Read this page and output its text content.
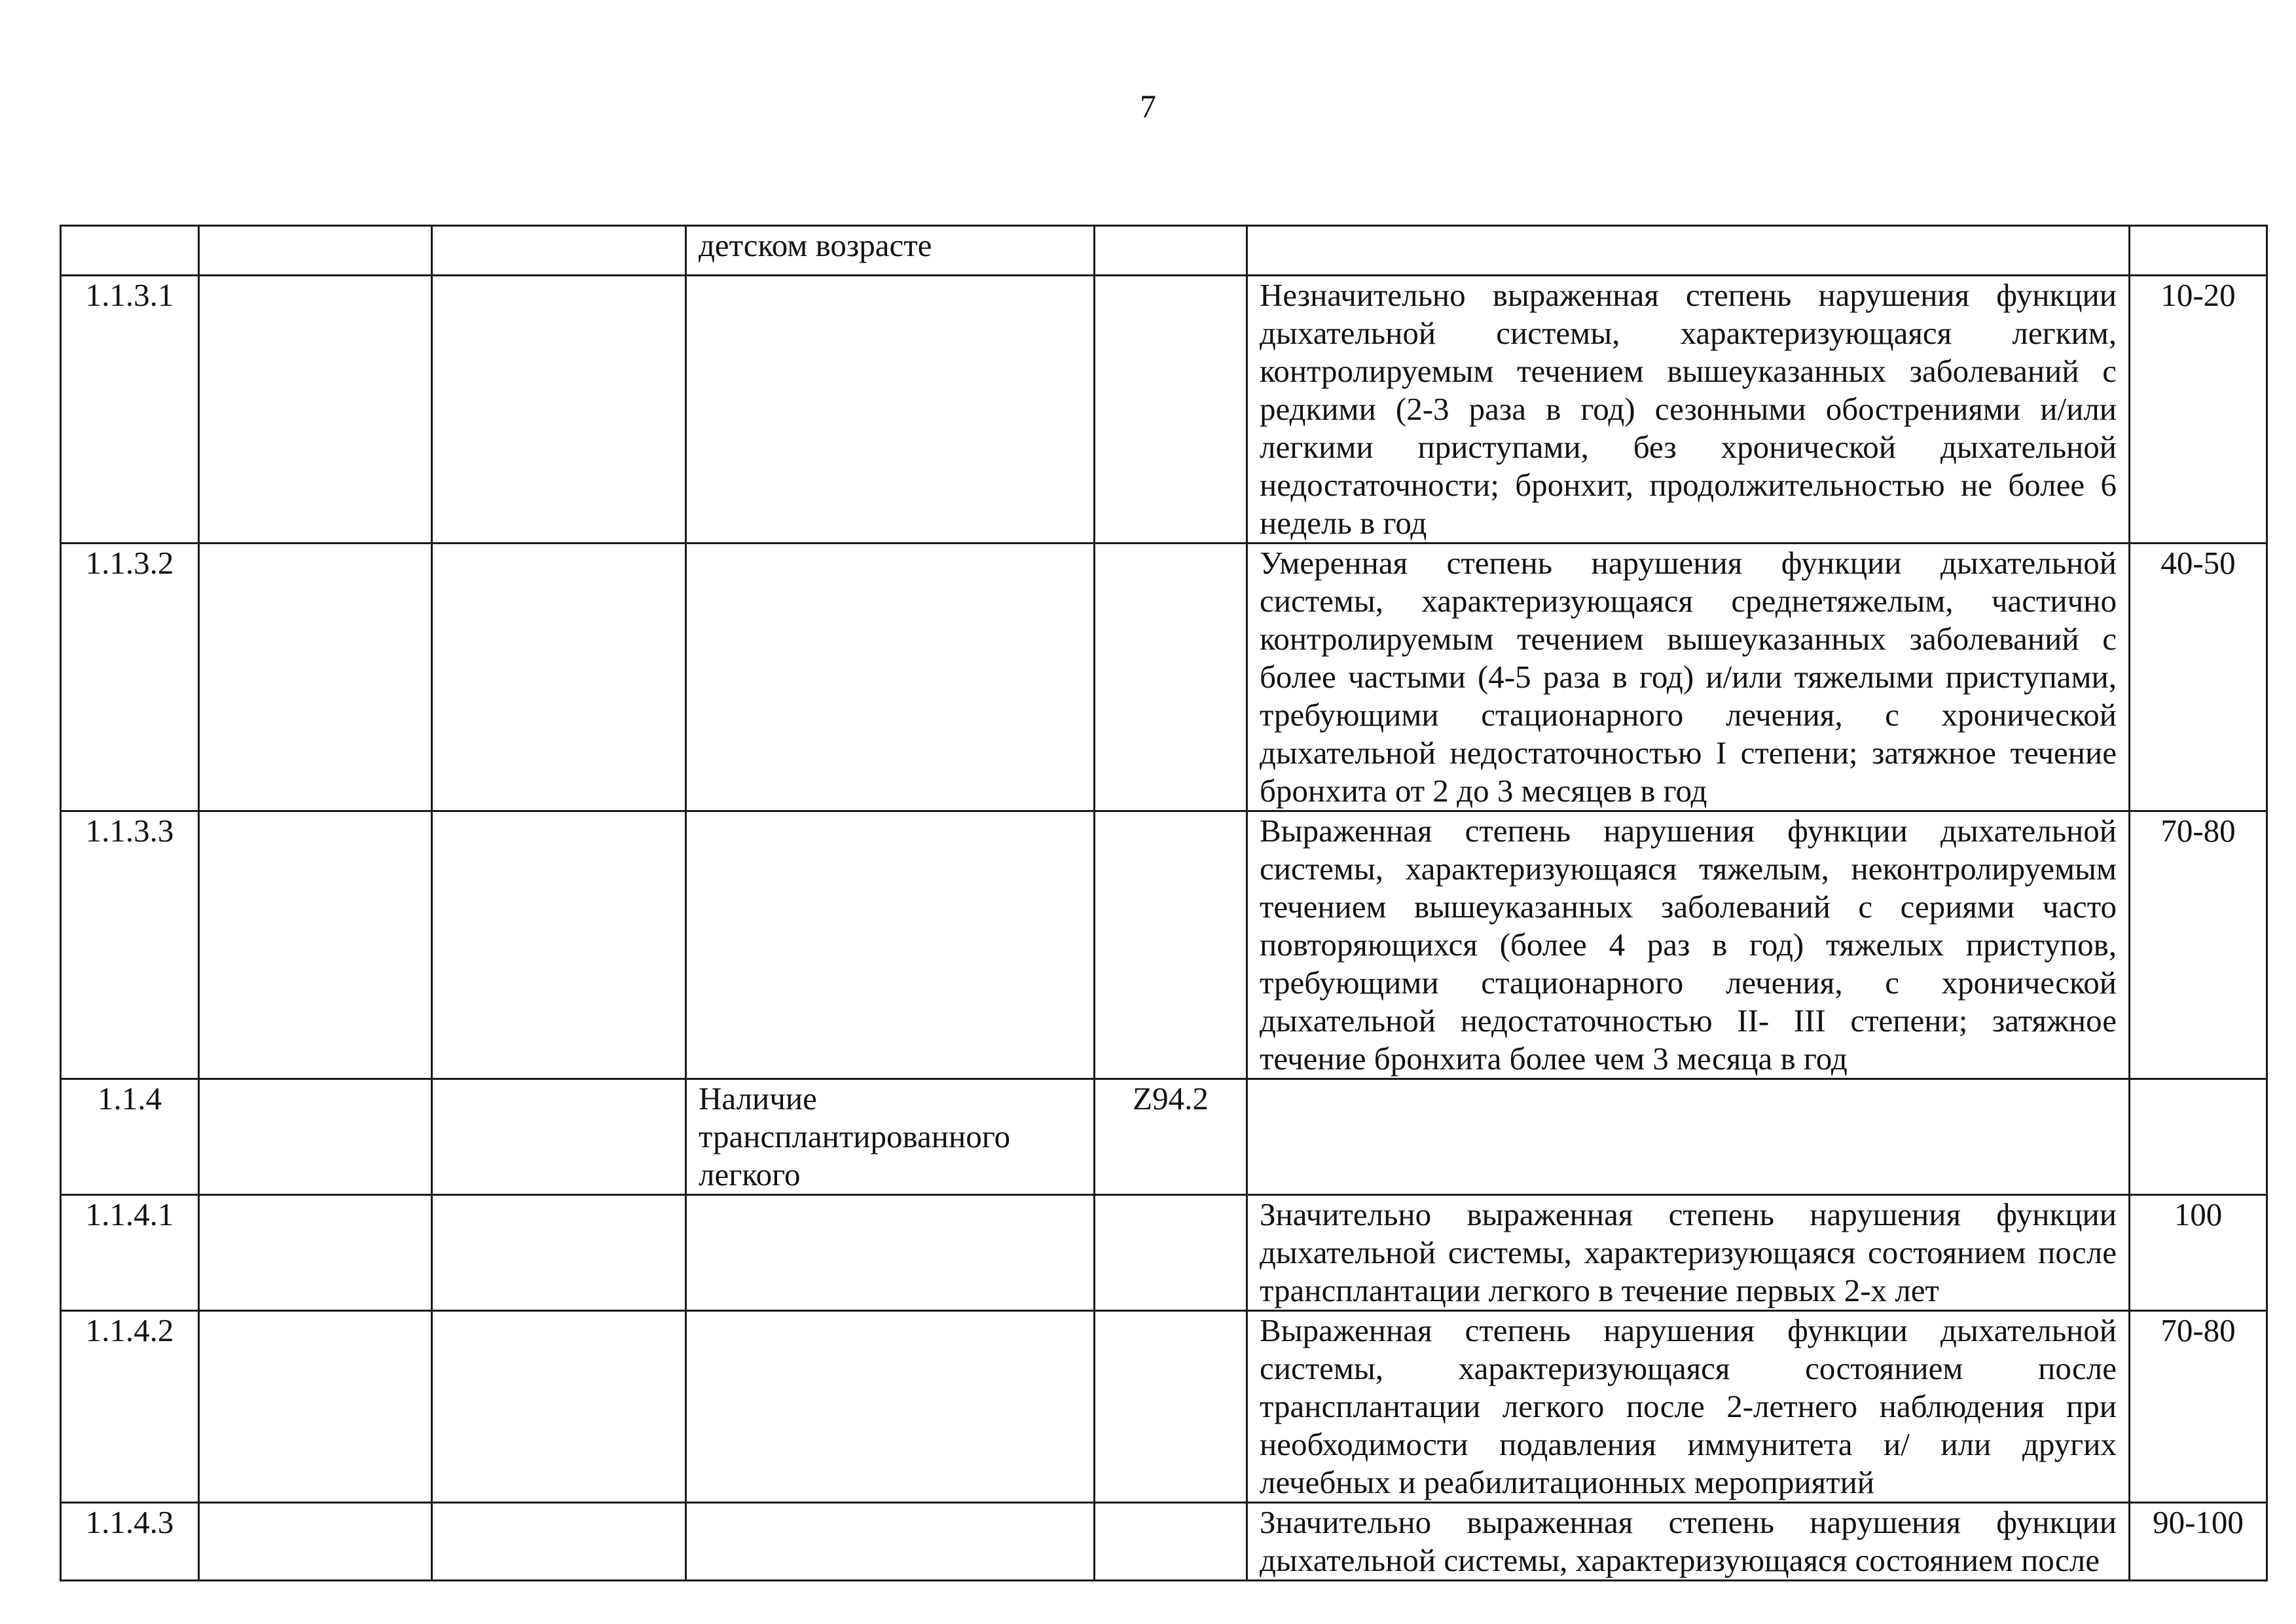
7

			детском возрасте			

1.1.3.1					Незначительно выраженная степень нарушения функции дыхательной системы, характеризующаяся легким, контролируемым течением вышеуказанных заболеваний с редкими (2-3 раза в год) сезонными обострениями и/или легкими приступами, без хронической дыхательной недостаточности; бронхит, продолжительностью не более 6 недель в год	10-20

1.1.3.2					Умеренная степень нарушения функции дыхательной системы, характеризующаяся среднетяжелым, частично контролируемым течением вышеуказанных заболеваний с более частыми (4-5 раза в год) и/или тяжелыми приступами, требующими стационарного лечения, с хронической дыхательной недостаточностью I степени; затяжное течение бронхита от 2 до 3 месяцев в год	40-50

1.1.3.3					Выраженная степень нарушения функции дыхательной системы, характеризующаяся тяжелым, неконтролируемым течением вышеуказанных заболеваний с сериями часто повторяющихся (более 4 раз в год) тяжелых приступов, требующими стационарного лечения, с хронической дыхательной недостаточностью II- III степени; затяжное течение бронхита более чем 3 месяца в год	70-80

1.1.4			Наличие трансплантированного легкого	Z94.2		

1.1.4.1					Значительно выраженная степень нарушения функции дыхательной системы, характеризующаяся состоянием после трансплантации легкого в течение первых 2-х лет	100

1.1.4.2					Выраженная степень нарушения функции дыхательной системы, характеризующаяся состоянием после трансплантации легкого после 2-летнего наблюдения при необходимости подавления иммунитета и/ или других лечебных и реабилитационных мероприятий	70-80

1.1.4.3					Значительно выраженная степень нарушения функции дыхательной системы, характеризующаяся состоянием после	90-100
